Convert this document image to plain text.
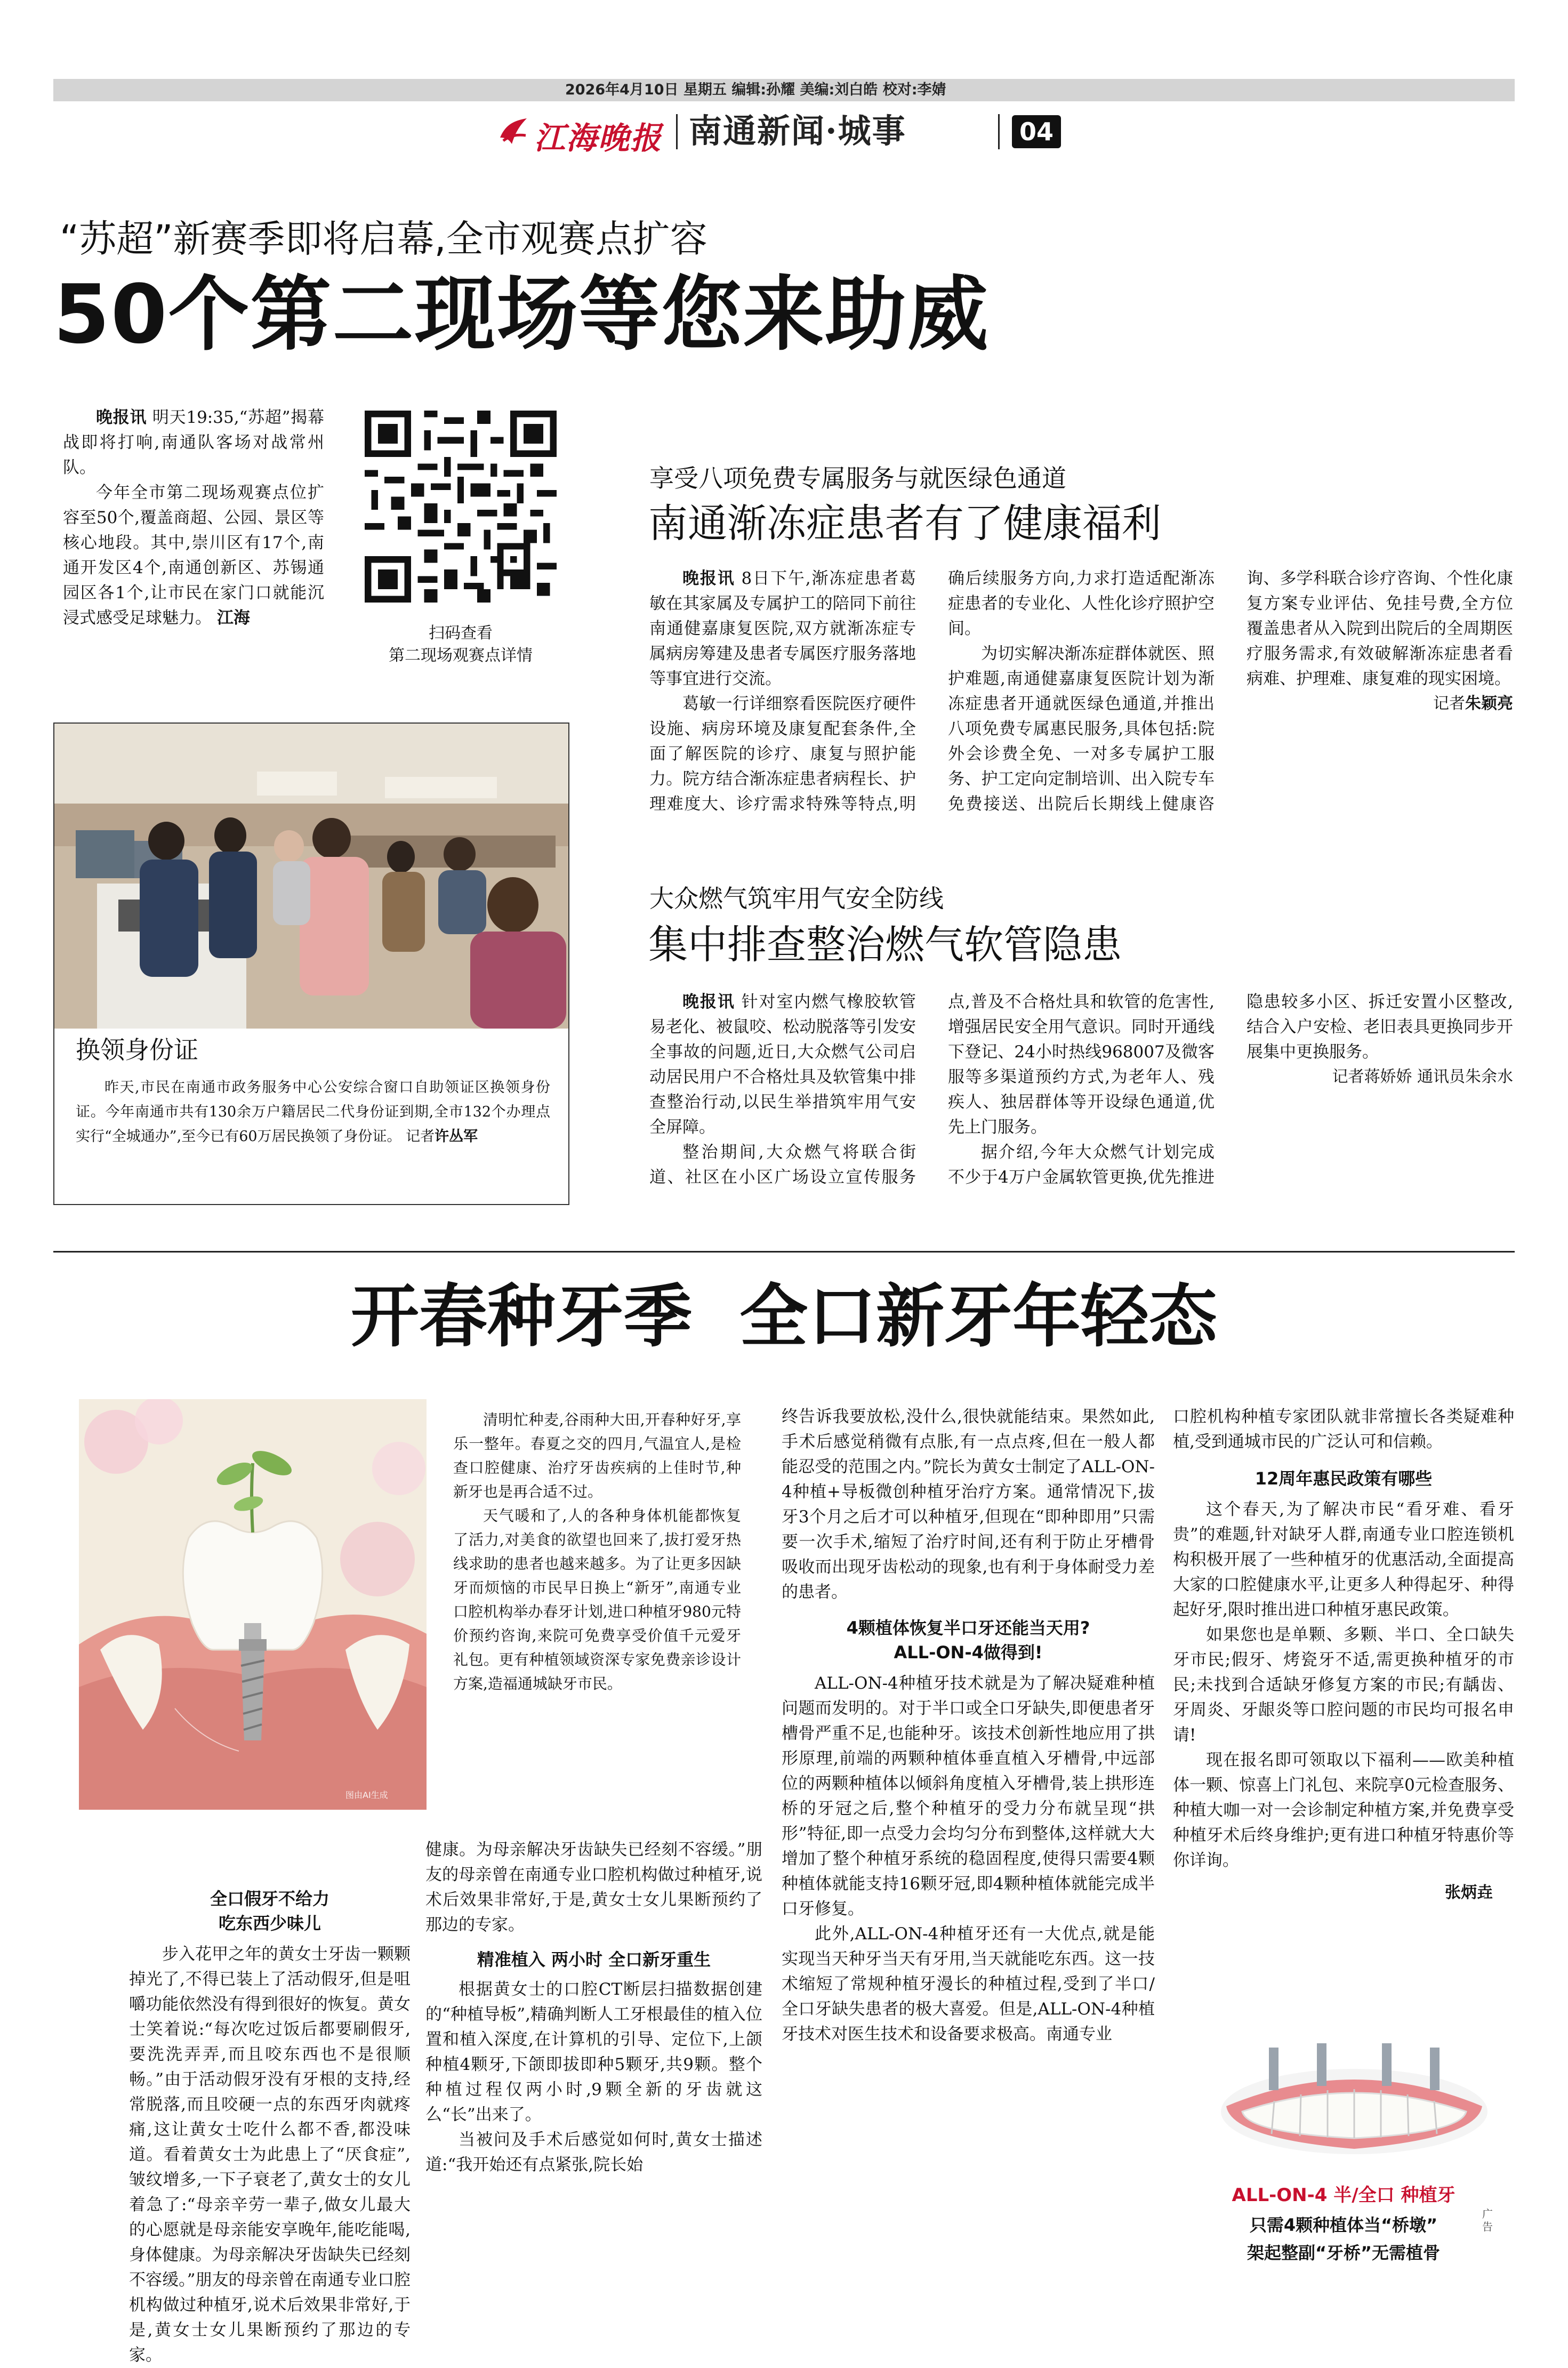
2026年4月10日 星期五 编辑:孙耀 美编:刘白皓 校对:李婧
江海晚报 南通新闻·城事	04
“苏超”新赛季即将启幕,全市观赛点扩容
50个第二现场等您来助威

晚报讯 明天19:35,“苏超”揭幕战即将打响,南通队客场对战常州队。

今年全市第二现场观赛点位扩容至50个,覆盖商超、公园、景区等核心地段。其中,崇川区有17个,南通开发区4个,南通创新区、苏锡通园区各1个,让市民在家门口就能沉浸式感受足球魅力。 江海

扫码查看
第二现场观赛点详情
换领身份证

昨天,市民在南通市政务服务中心公安综合窗口自助领证区换领身份证。今年南通市共有130余万户籍居民二代身份证到期,全市132个办理点实行“全城通办”,至今已有60万居民换领了身份证。 记者许丛军

享受八项免费专属服务与就医绿色通道
南通渐冻症患者有了健康福利

晚报讯 8日下午,渐冻症患者葛敏在其家属及专属护工的陪同下前往南通健嘉康复医院,双方就渐冻症专属病房筹建及患者专属医疗服务落地等事宜进行交流。

葛敏一行详细察看医院医疗硬件设施、病房环境及康复配套条件,全面了解医院的诊疗、康复与照护能力。院方结合渐冻症患者病程长、护理难度大、诊疗需求特殊等特点,明确后续服务方向,力求打造适配渐冻症患者的专业化、人性化诊疗照护空间。

为切实解决渐冻症群体就医、照护难题,南通健嘉康复医院计划为渐冻症患者开通就医绿色通道,并推出八项免费专属惠民服务,具体包括:院外会诊费全免、一对多专属护工服务、护工定向定制培训、出入院专车免费接送、出院后长期线上健康咨询、多学科联合诊疗咨询、个性化康复方案专业评估、免挂号费,全方位覆盖患者从入院到出院后的全周期医疗服务需求,有效破解渐冻症患者看病难、护理难、康复难的现实困境。

记者朱颖亮

大众燃气筑牢用气安全防线
集中排查整治燃气软管隐患

晚报讯 针对室内燃气橡胶软管易老化、被鼠咬、松动脱落等引发安全事故的问题,近日,大众燃气公司启动居民用户不合格灶具及软管集中排查整治行动,以民生举措筑牢用气安全屏障。

整治期间,大众燃气将联合街道、社区在小区广场设立宣传服务点,普及不合格灶具和软管的危害性,增强居民安全用气意识。同时开通线下登记、24小时热线968007及微客服等多渠道预约方式,为老年人、残疾人、独居群体等开设绿色通道,优先上门服务。

据介绍,今年大众燃气计划完成不少于4万户金属软管更换,优先推进隐患较多小区、拆迁安置小区整改,结合入户安检、老旧表具更换同步开展集中更换服务。

记者蒋娇娇 通讯员朱余水

开春种牙季  全口新牙年轻态
图由AI生成

清明忙种麦,谷雨种大田,开春种好牙,享乐一整年。春夏之交的四月,气温宜人,是检查口腔健康、治疗牙齿疾病的上佳时节,种新牙也是再合适不过。

天气暖和了,人的各种身体机能都恢复了活力,对美食的欲望也回来了,拔打爱牙热线求助的患者也越来越多。为了让更多因缺牙而烦恼的市民早日换上“新牙”,南通专业口腔机构举办春牙计划,进口种植牙980元特价预约咨询,来院可免费享受价值千元爱牙礼包。更有种植领域资深专家免费亲诊设计方案,造福通城缺牙市民。

全口假牙不给力
吃东西少味儿

步入花甲之年的黄女士牙齿一颗颗掉光了,不得已装上了活动假牙,但是咀嚼功能依然没有得到很好的恢复。黄女士笑着说:“每次吃过饭后都要刷假牙,要洗洗弄弄,而且咬东西也不是很顺畅。”由于活动假牙没有牙根的支持,经常脱落,而且咬硬一点的东西牙肉就疼痛,这让黄女士吃什么都不香,都没味道。看着黄女士为此患上了“厌食症”,皱纹增多,一下子衰老了,黄女士的女儿着急了:“母亲辛劳一辈子,做女儿最大的心愿就是母亲能安享晚年,能吃能喝,身体健康。为母亲解决牙齿缺失已经刻不容缓。”朋友的母亲曾在南通专业口腔机构做过种植牙,说术后效果非常好,于是,黄女士女儿果断预约了那边的专家。

健康。为母亲解决牙齿缺失已经刻不容缓。”朋友的母亲曾在南通专业口腔机构做过种植牙,说术后效果非常好,于是,黄女士女儿果断预约了那边的专家。

精准植入 两小时 全口新牙重生

根据黄女士的口腔CT断层扫描数据创建的“种植导板”,精确判断人工牙根最佳的植入位置和植入深度,在计算机的引导、定位下,上颌种植4颗牙,下颌即拔即种5颗牙,共9颗。整个种植过程仅两小时,9颗全新的牙齿就这么“长”出来了。

当被问及手术后感觉如何时,黄女士描述道:“我开始还有点紧张,院长始

终告诉我要放松,没什么,很快就能结束。果然如此,手术后感觉稍微有点胀,有一点点疼,但在一般人都能忍受的范围之内。”院长为黄女士制定了ALL-ON-4种植+导板微创种植牙治疗方案。通常情况下,拔牙3个月之后才可以种植牙,但现在“即种即用”只需要一次手术,缩短了治疗时间,还有利于防止牙槽骨吸收而出现牙齿松动的现象,也有利于身体耐受力差的患者。

4颗植体恢复半口牙还能当天用?
ALL-ON-4做得到!

ALL-ON-4种植牙技术就是为了解决疑难种植问题而发明的。对于半口或全口牙缺失,即便患者牙槽骨严重不足,也能种牙。该技术创新性地应用了拱形原理,前端的两颗种植体垂直植入牙槽骨,中远部位的两颗种植体以倾斜角度植入牙槽骨,装上拱形连桥的牙冠之后,整个种植牙的受力分布就呈现“拱形”特征,即一点受力会均匀分布到整体,这样就大大增加了整个种植牙系统的稳固程度,使得只需要4颗种植体就能支持16颗牙冠,即4颗种植体就能完成半口牙修复。

此外,ALL-ON-4种植牙还有一大优点,就是能实现当天种牙当天有牙用,当天就能吃东西。这一技术缩短了常规种植牙漫长的种植过程,受到了半口/全口牙缺失患者的极大喜爱。但是,ALL-ON-4种植牙技术对医生技术和设备要求极高。南通专业

口腔机构种植专家团队就非常擅长各类疑难种植,受到通城市民的广泛认可和信赖。

12周年惠民政策有哪些

这个春天,为了解决市民“看牙难、看牙贵”的难题,针对缺牙人群,南通专业口腔连锁机构积极开展了一些种植牙的优惠活动,全面提高大家的口腔健康水平,让更多人种得起牙、种得起好牙,限时推出进口种植牙惠民政策。

如果您也是单颗、多颗、半口、全口缺失牙市民;假牙、烤瓷牙不适,需更换种植牙的市民;未找到合适缺牙修复方案的市民;有龋齿、牙周炎、牙龈炎等口腔问题的市民均可报名申请!

现在报名即可领取以下福利——欧美种植体一颗、惊喜上门礼包、来院享0元检查服务、种植大咖一对一会诊制定种植方案,并免费享受种植牙术后终身维护;更有进口种植牙特惠价等你详询。

张炳垚

ALL-ON-4 半/全口 种植牙
只需4颗种植体当“桥墩”
架起整副“牙桥”无需植骨
广告
